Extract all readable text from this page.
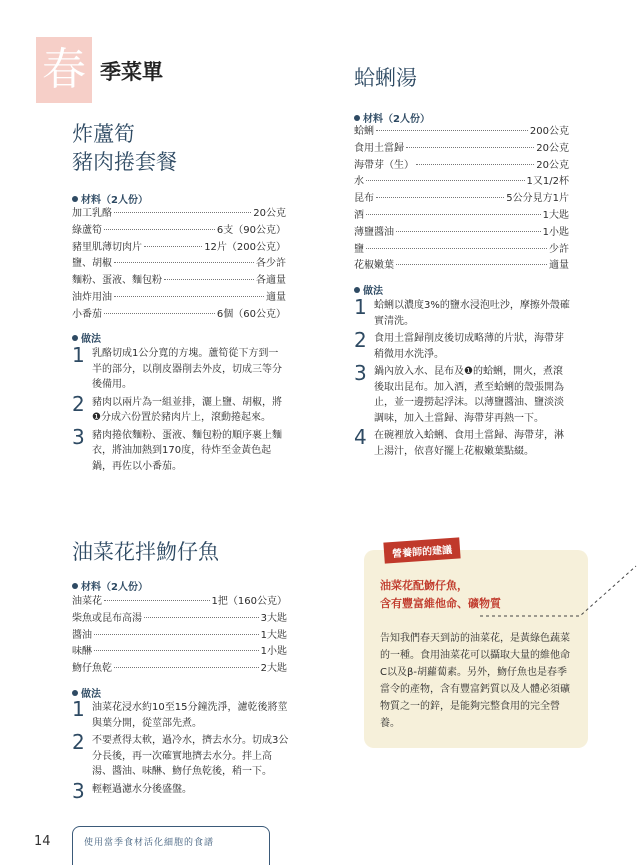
春 季菜單
炸蘆筍
豬肉捲套餐
材料（2人份）
加工乳酪	20公克
綠蘆筍	6支（90公克）
豬里肌薄切肉片	12片（200公克）
鹽、胡椒	各少許
麵粉、蛋液、麵包粉	各適量
油炸用油	適量
小番茄	6個（60公克）
做法
1 乳酪切成1公分寬的方塊。蘆筍從下方到一半的部分，以削皮器削去外皮，切成三等分後備用。
2 豬肉以兩片為一組並排，灑上鹽、胡椒，將❶分成六份置於豬肉片上，滾動捲起來。
3 豬肉捲依麵粉、蛋液、麵包粉的順序裹上麵衣，將油加熱到170度，待炸至金黃色起鍋，再佐以小番茄。
蛤蜊湯
材料（2人份）
蛤蜊	200公克
食用土當歸	20公克
海帶芽（生）	20公克
水	1又1/2杯
昆布	5公分見方1片
酒	1大匙
薄鹽醬油	1小匙
鹽	少許
花椒嫩葉	適量
做法
1 蛤蜊以濃度3%的鹽水浸泡吐沙，摩擦外殼確實清洗。
2 食用土當歸削皮後切成略薄的片狀，海帶芽稍微用水洗淨。
3 鍋內放入水、昆布及❶的蛤蜊，開火，煮滾後取出昆布。加入酒，煮至蛤蜊的殼張開為止，並一邊撈起浮沫。以薄鹽醬油、鹽淡淡調味，加入土當歸、海帶芽再熱一下。
4 在碗裡放入蛤蜊、食用土當歸、海帶芽，淋上湯汁，依喜好擺上花椒嫩葉點綴。
油菜花拌魩仔魚
材料（2人份）
油菜花	1把（160公克）
柴魚或昆布高湯	3大匙
醬油	1大匙
味醂	1小匙
魩仔魚乾	2大匙
做法
1 油菜花浸水約10至15分鐘洗淨，濾乾後將莖與葉分開，從莖部先煮。
2 不要煮得太軟，過冷水，擠去水分。切成3公分長後，再一次確實地擠去水分。拌上高湯、醬油、味醂、魩仔魚乾後，稍一下。
3 輕輕過濾水分後盛盤。
營養師的建議
油菜花配魩仔魚，
含有豐富維他命、礦物質
告知我們春天到訪的油菜花，是黃綠色蔬菜的一種。食用油菜花可以攝取大量的維他命C以及β-胡蘿蔔素。另外，魩仔魚也是春季當令的產物，含有豐富鈣質以及人體必須礦物質之一的鋅，是能夠完整食用的完全營養。
14	使用當季食材活化細胞的食譜
